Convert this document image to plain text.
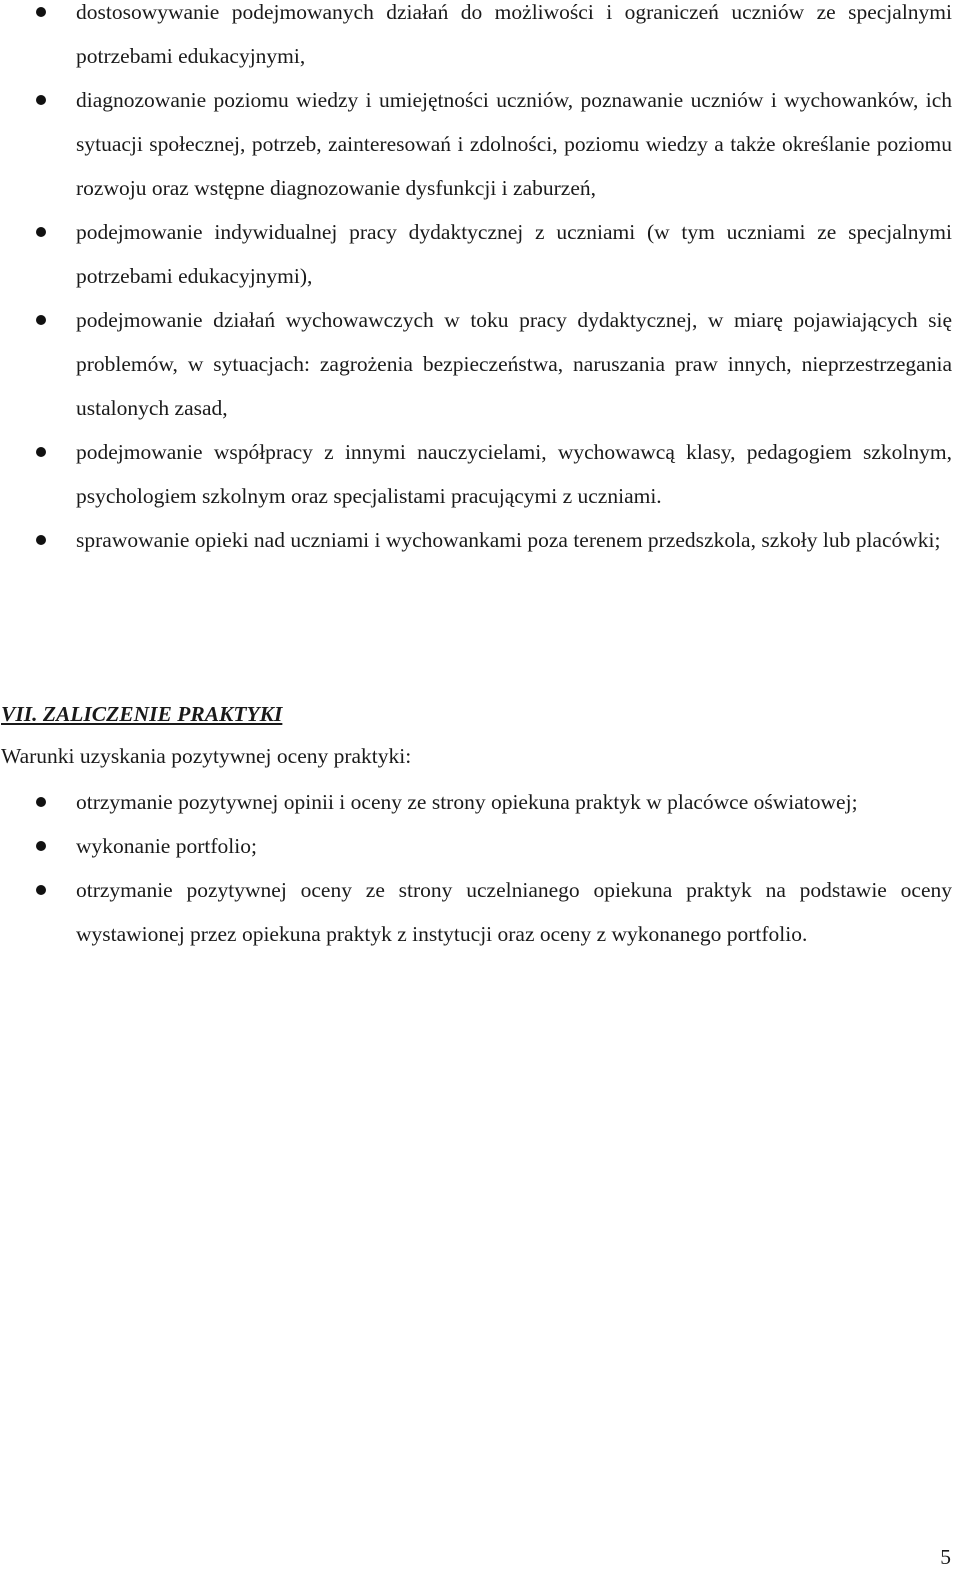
dostosowywanie podejmowanych działań do możliwości i ograniczeń uczniów ze specjalnymi potrzebami edukacyjnymi,
diagnozowanie poziomu wiedzy i umiejętności uczniów, poznawanie uczniów i wychowanków, ich sytuacji społecznej, potrzeb, zainteresowań i zdolności, poziomu wiedzy a także określanie poziomu rozwoju oraz wstępne diagnozowanie dysfunkcji i zaburzeń,
podejmowanie indywidualnej pracy dydaktycznej z uczniami (w tym uczniami ze specjalnymi potrzebami edukacyjnymi),
podejmowanie działań wychowawczych w toku pracy dydaktycznej, w miarę pojawiających się problemów, w sytuacjach: zagrożenia bezpieczeństwa, naruszania praw innych, nieprzestrzegania ustalonych zasad,
podejmowanie współpracy z innymi nauczycielami, wychowawcą klasy, pedagogiem szkolnym, psychologiem szkolnym oraz specjalistami pracującymi z uczniami.
sprawowanie opieki nad uczniami i wychowankami poza terenem przedszkola, szkoły lub placówki;
VII. ZALICZENIE PRAKTYKI

Warunki uzyskania pozytywnej oceny praktyki:

otrzymanie pozytywnej opinii i oceny ze strony opiekuna praktyk w placówce oświatowej;
wykonanie portfolio;
otrzymanie pozytywnej oceny ze strony uczelnianego opiekuna praktyk na podstawie oceny wystawionej przez opiekuna praktyk z instytucji oraz oceny z wykonanego portfolio.
5
